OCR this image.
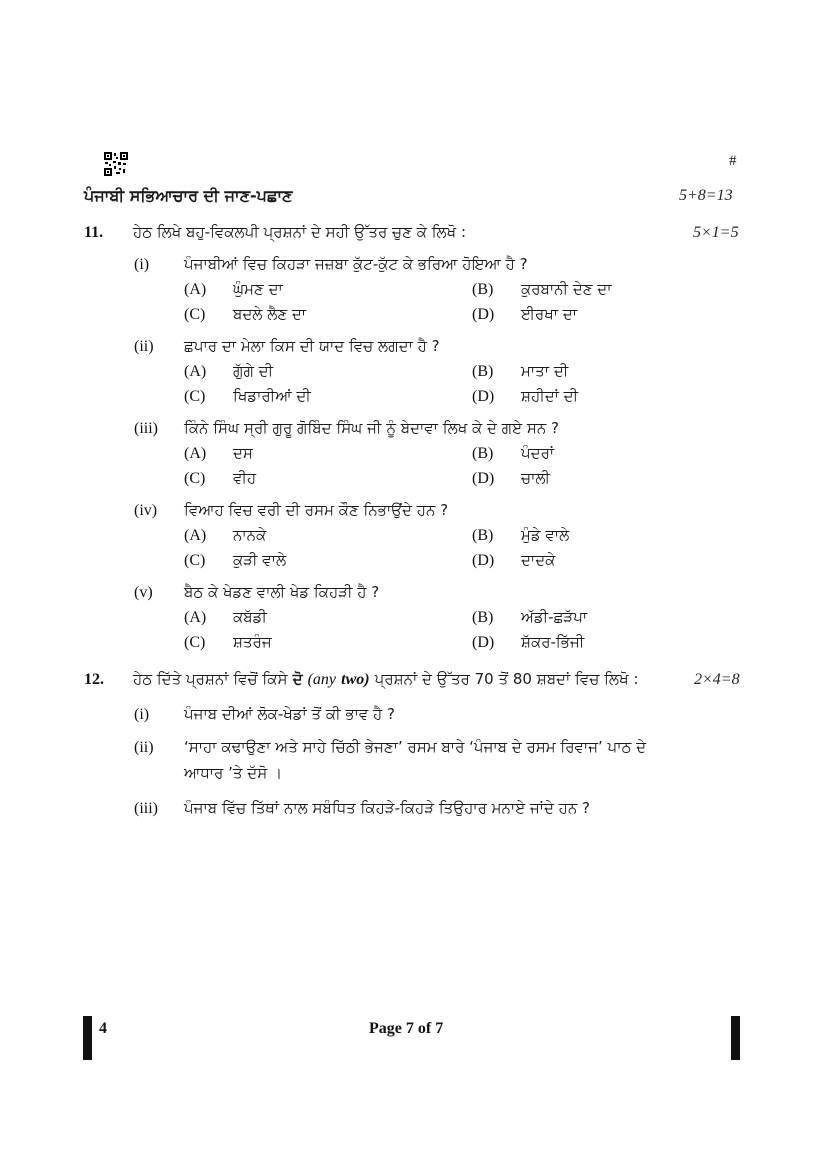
#
ਪੰਜਾਬੀ ਸਭਿਆਚਾਰ ਦੀ ਜਾਣ-ਪਛਾਣ	5+8=13
11. ਹੇਠ ਲਿਖੇ ਬਹੁ-ਵਿਕਲਪੀ ਪ੍ਰਸ਼ਨਾਂ ਦੇ ਸਹੀ ਉੱਤਰ ਚੁਣ ਕੇ ਲਿਖੋ :	5×1=5
(i) ਪੰਜਾਬੀਆਂ ਵਿਚ ਕਿਹੜਾ ਜਜ਼ਬਾ ਕੁੱਟ-ਕੁੱਟ ਕੇ ਭਰਿਆ ਹੋਇਆ ਹੈ ?
(A) ਘੁੰਮਣ ਦਾ	(B) ਕੁਰਬਾਨੀ ਦੇਣ ਦਾ
(C) ਬਦਲੇ ਲੈਣ ਦਾ	(D) ਈਰਖਾ ਦਾ
(ii) ਛਪਾਰ ਦਾ ਮੇਲਾ ਕਿਸ ਦੀ ਯਾਦ ਵਿਚ ਲਗਦਾ ਹੈ ?
(A) ਗੁੱਗੇ ਦੀ	(B) ਮਾਤਾ ਦੀ
(C) ਖਿਡਾਰੀਆਂ ਦੀ	(D) ਸ਼ਹੀਦਾਂ ਦੀ
(iii) ਕਿੰਨੇ ਸਿੰਘ ਸ੍ਰੀ ਗੁਰੂ ਗੋਬਿੰਦ ਸਿੰਘ ਜੀ ਨੂੰ ਬੇਦਾਵਾ ਲਿਖ ਕੇ ਦੇ ਗਏ ਸਨ ?
(A) ਦਸ	(B) ਪੰਦਰਾਂ
(C) ਵੀਹ	(D) ਚਾਲੀ
(iv) ਵਿਆਹ ਵਿਚ ਵਰੀ ਦੀ ਰਸਮ ਕੌਣ ਨਿਭਾਉਂਦੇ ਹਨ ?
(A) ਨਾਨਕੇ	(B) ਮੁੰਡੇ ਵਾਲੇ
(C) ਕੁੜੀ ਵਾਲੇ	(D) ਦਾਦਕੇ
(v) ਬੈਠ ਕੇ ਖੇਡਣ ਵਾਲੀ ਖੇਡ ਕਿਹੜੀ ਹੈ ?
(A) ਕਬੱਡੀ	(B) ਅੱਡੀ-ਛੜੱਪਾ
(C) ਸ਼ਤਰੰਜ	(D) ਸ਼ੱਕਰ-ਭਿੱਜੀ
12. ਹੇਠ ਦਿੱਤੇ ਪ੍ਰਸ਼ਨਾਂ ਵਿਚੋਂ ਕਿਸੇ ਦੋ (any two) ਪ੍ਰਸ਼ਨਾਂ ਦੇ ਉੱਤਰ 70 ਤੋਂ 80 ਸ਼ਬਦਾਂ ਵਿਚ ਲਿਖੋ :	2×4=8
(i) ਪੰਜਾਬ ਦੀਆਂ ਲੋਕ-ਖੇਡਾਂ ਤੋਂ ਕੀ ਭਾਵ ਹੈ ?
(ii) ‘ਸਾਹਾ ਕਢਾਉਣਾ ਅਤੇ ਸਾਹੇ ਚਿੱਠੀ ਭੇਜਣਾ’ ਰਸਮ ਬਾਰੇ ‘ਪੰਜਾਬ ਦੇ ਰਸਮ ਰਿਵਾਜ’ ਪਾਠ ਦੇ
ਆਧਾਰ ’ਤੇ ਦੱਸੋ ।
(iii) ਪੰਜਾਬ ਵਿੱਚ ਤਿੱਥਾਂ ਨਾਲ ਸਬੰਧਿਤ ਕਿਹੜੇ-ਕਿਹੜੇ ਤਿਉਹਾਰ ਮਨਾਏ ਜਾਂਦੇ ਹਨ ?
4	Page 7 of 7
